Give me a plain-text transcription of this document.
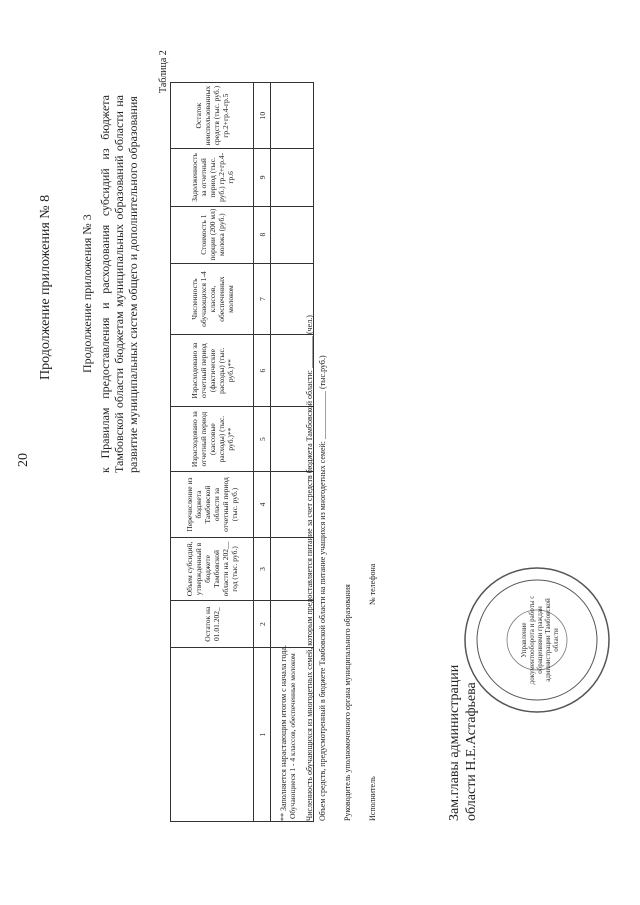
20
Продолжение приложения № 8 Продолжение приложения № 3 к Правилам предоставления и расходования субсидий из бюджета Тамбовской области бюджетам муниципальных образований области на развитие муниципальных систем общего и дополнительного образования
Таблица 2
	Остаток на 01.01.202_	Объем субсидий, утвержденный в бюджете Тамбовской области на 202__ год (тыс. руб.)	Перечисление из бюджета Тамбовской области за отчетный период (тыс. руб.)	Израсходовано за отчетный период (кассовые расходы) (тыс. руб.)**	Израсходовано за отчетный период (фактические расходы) (тыс. руб.)**	Численность обучающихся 1-4 классов, обеспеченных молоком	Стоимость 1 порции (200 мл) молока (руб.)	Задолженность за отчетный период (тыс. руб.) гр.2+гр.4-гр.6	Остаток неиспользованных средств (тыс. руб.) гр.2+гр.4-гр.5
1	2	3	4	5	6	7	8	9	10
Обучающиеся 1 - 4 классов, обеспеченные молоком									
** Заполняется нарастающим итогом с начала года. Численность обучающихся из многодетных семей, которым предоставляется питание за счет средств бюджета Тамбовской области: ________ (чел.) Объем средств, предусмотренный в бюджете Тамбовской области на питание учащихся из многодетных семей: ____________ (тыс.руб.) Руководитель уполномоченного органа муниципального образования Исполнитель
№ телефона
Зам.главы администрации области Н.Е.Астафьева
Управление документооборота и работы с обращениями граждан администрации Тамбовской области
